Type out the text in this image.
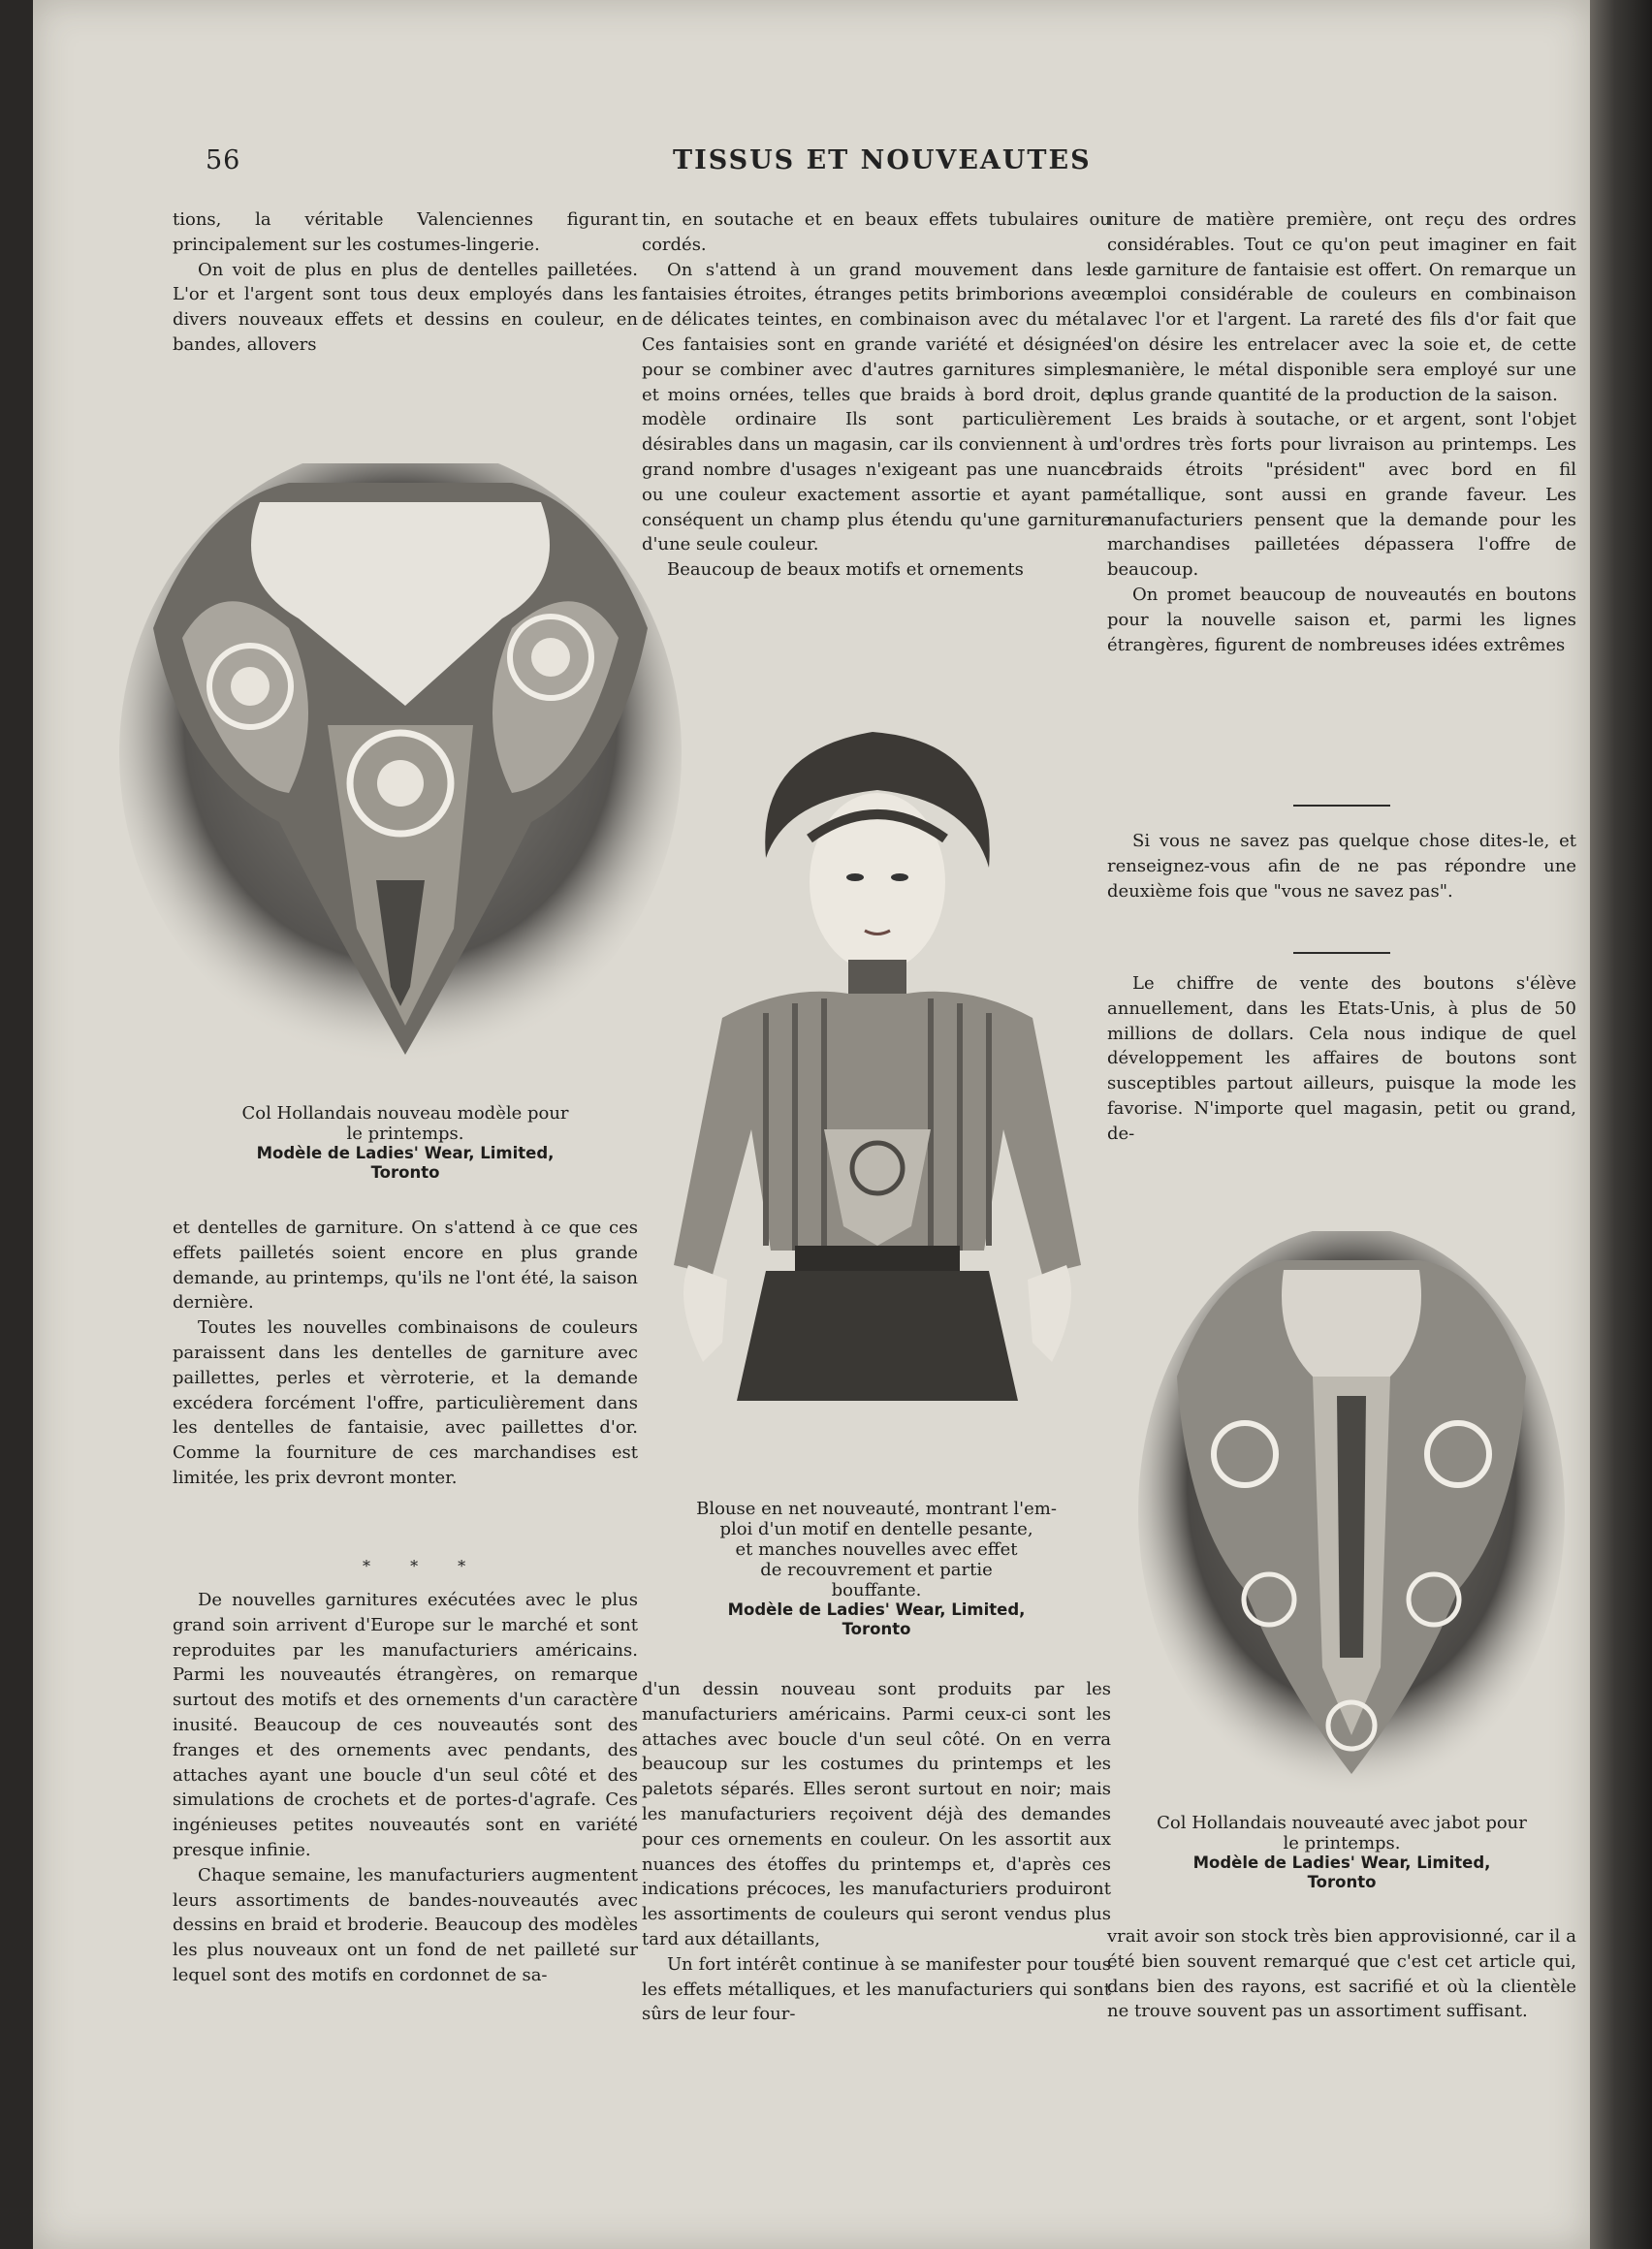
56	TISSUS ET NOUVEAUTES

tions, la véritable Valenciennes figurant principalement sur les costumes-lingerie.

On voit de plus en plus de dentelles pailletées. L'or et l'argent sont tous deux employés dans les divers nouveaux effets et dessins en couleur, en bandes, allovers

Col Hollandais nouveau modèle pour
le printemps.
Modèle de Ladies' Wear, Limited,
Toronto

et dentelles de garniture. On s'attend à ce que ces effets pailletés soient encore en plus grande demande, au printemps, qu'ils ne l'ont été, la saison dernière.

Toutes les nouvelles combinaisons de couleurs paraissent dans les dentelles de garniture avec paillettes, perles et vèrroterie, et la demande excédera forcément l'offre, particulièrement dans les dentelles de fantaisie, avec paillettes d'or. Comme la fourniture de ces marchandises est limitée, les prix devront monter.

* * *

De nouvelles garnitures exécutées avec le plus grand soin arrivent d'Europe sur le marché et sont reproduites par les manufacturiers américains. Parmi les nouveautés étrangères, on remarque surtout des motifs et des ornements d'un caractère inusité. Beaucoup de ces nouveautés sont des franges et des ornements avec pendants, des attaches ayant une boucle d'un seul côté et des simulations de crochets et de portes-d'agrafe. Ces ingénieuses petites nouveautés sont en variété presque infinie.

Chaque semaine, les manufacturiers augmentent leurs assortiments de bandes-nouveautés avec dessins en braid et broderie. Beaucoup des modèles les plus nouveaux ont un fond de net pailleté sur lequel sont des motifs en cordonnet de sa-

tin, en soutache et en beaux effets tubulaires ou cordés.

On s'attend à un grand mouvement dans les fantaisies étroites, étranges petits brimborions avec de délicates teintes, en combinaison avec du métal. Ces fantaisies sont en grande variété et désignées pour se combiner avec d'autres garnitures simples et moins ornées, telles que braids à bord droit, de modèle ordinaire Ils sont particulièrement désirables dans un magasin, car ils conviennent à un grand nombre d'usages n'exigeant pas une nuance ou une couleur exactement assortie et ayant par conséquent un champ plus étendu qu'une garniture d'une seule couleur.

Beaucoup de beaux motifs et ornements

Blouse en net nouveauté, montrant l'em-
ploi d'un motif en dentelle pesante,
et manches nouvelles avec effet
de recouvrement et partie
bouffante.
Modèle de Ladies' Wear, Limited,
Toronto

d'un dessin nouveau sont produits par les manufacturiers américains. Parmi ceux-ci sont les attaches avec boucle d'un seul côté. On en verra beaucoup sur les costumes du printemps et les paletots séparés. Elles seront surtout en noir; mais les manufacturiers reçoivent déjà des demandes pour ces ornements en couleur. On les assortit aux nuances des étoffes du printemps et, d'après ces indications précoces, les manufacturiers produiront les assortiments de couleurs qui seront vendus plus tard aux détaillants,

Un fort intérêt continue à se manifester pour tous les effets métalliques, et les manufacturiers qui sont sûrs de leur four-

niture de matière première, ont reçu des ordres considérables. Tout ce qu'on peut imaginer en fait de garniture de fantaisie est offert. On remarque un emploi considérable de couleurs en combinaison avec l'or et l'argent. La rareté des fils d'or fait que l'on désire les entrelacer avec la soie et, de cette manière, le métal disponible sera employé sur une plus grande quantité de la production de la saison.

Les braids à soutache, or et argent, sont l'objet d'ordres très forts pour livraison au printemps. Les braids étroits "président" avec bord en fil métallique, sont aussi en grande faveur. Les manufacturiers pensent que la demande pour les marchandises pailletées dépassera l'offre de beaucoup.

On promet beaucoup de nouveautés en boutons pour la nouvelle saison et, parmi les lignes étrangères, figurent de nombreuses idées extrêmes

Si vous ne savez pas quelque chose dites-le, et renseignez-vous afin de ne pas répondre une deuxième fois que "vous ne savez pas".

Le chiffre de vente des boutons s'élève annuellement, dans les Etats-Unis, à plus de 50 millions de dollars. Cela nous indique de quel développement les affaires de boutons sont susceptibles partout ailleurs, puisque la mode les favorise. N'importe quel magasin, petit ou grand, de-

Col Hollandais nouveauté avec jabot pour
le printemps.
Modèle de Ladies' Wear, Limited,
Toronto

vrait avoir son stock très bien approvisionné, car il a été bien souvent remarqué que c'est cet article qui, dans bien des rayons, est sacrifié et où la clientèle ne trouve souvent pas un assortiment suffisant.
